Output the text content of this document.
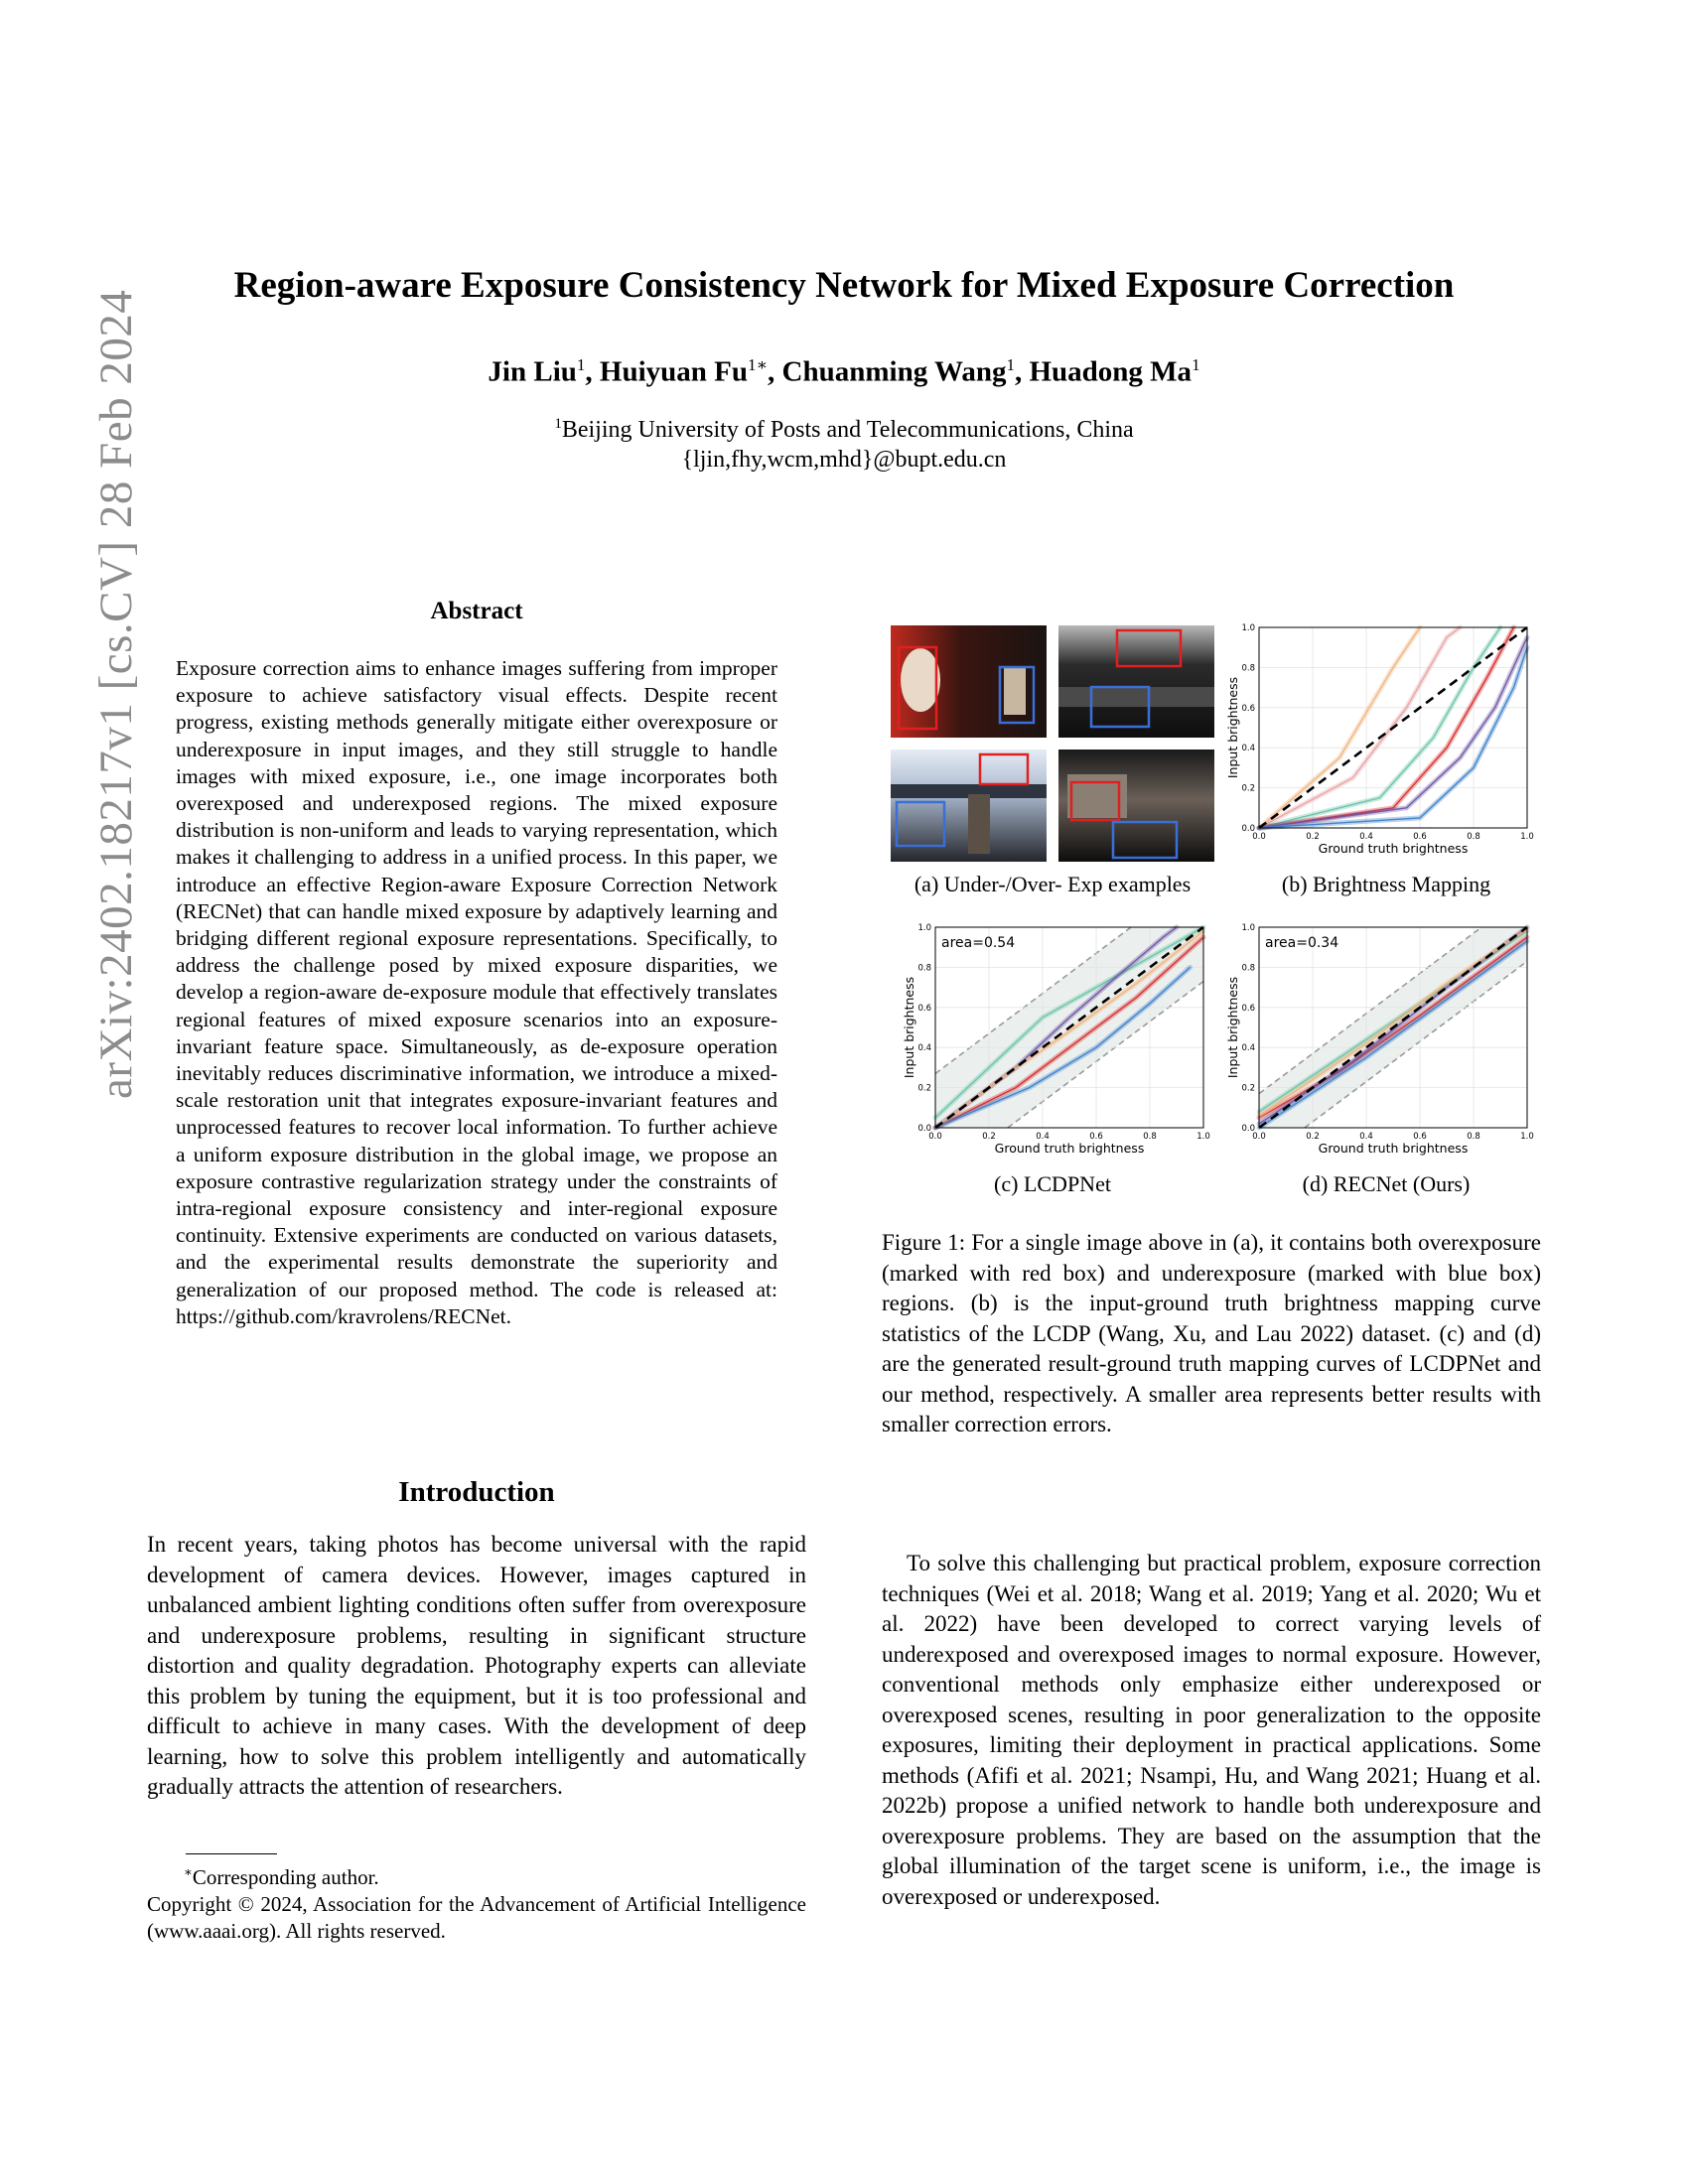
arXiv:2402.18217v1 [cs.CV] 28 Feb 2024
Region-aware Exposure Consistency Network for Mixed Exposure Correction
Jin Liu$^1$, Huiyuan $Fu^{1∗}$, Chuanming Wang$^1$, Huadong Ma$^1$
$^1$Beijing University of Posts and Telecommunications, China
{ljin,fhy,wcm,mhd}@bupt.edu.cn
Abstract

Exposure correction aims to enhance images suffering from improper exposure to achieve satisfactory visual effects. Despite recent progress, existing methods generally mitigate either overexposure or underexposure in input images, and they still struggle to handle images with mixed exposure, i.e., one image incorporates both overexposed and underexposed regions. The mixed exposure distribution is non-uniform and leads to varying representation, which makes it challenging to address in a unified process. In this paper, we introduce an effective Region-aware Exposure Correction Network (RECNet) that can handle mixed exposure by adaptively learning and bridging different regional exposure representations. Specifically, to address the challenge posed by mixed exposure disparities, we develop a region-aware de-exposure module that effectively translates regional features of mixed exposure scenarios into an exposure-invariant feature space. Simultaneously, as de-exposure operation inevitably reduces discriminative information, we introduce a mixed-scale restoration unit that integrates exposure-invariant features and unprocessed features to recover local information. To further achieve a uniform exposure distribution in the global image, we propose an exposure contrastive regularization strategy under the constraints of intra-regional exposure consistency and inter-regional exposure continuity. Extensive experiments are conducted on various datasets, and the experimental results demonstrate the superiority and generalization of our proposed method. The code is released at: https://github.com/kravrolens/RECNet.

Introduction

In recent years, taking photos has become universal with the rapid development of camera devices. However, images captured in unbalanced ambient lighting conditions often suffer from overexposure and underexposure problems, resulting in significant structure distortion and quality degradation. Photography experts can alleviate this problem by tuning the equipment, but it is too professional and difficult to achieve in many cases. With the development of deep learning, how to solve this problem intelligently and automatically gradually attracts the attention of researchers.

∗Corresponding author.

Copyright © 2024, Association for the Advancement of Artificial Intelligence (www.aaai.org). All rights reserved.

(a) Under-/Over- Exp examples
0.0
0.0
0.2
0.2
0.4
0.4
0.6
0.6
0.8
0.8
1.0
1.0
Ground truth brightness
Input brightness
(b) Brightness Mapping
0.0
0.0
0.2
0.2
0.4
0.4
0.6
0.6
0.8
0.8
1.0
1.0
Ground truth brightness
Input brightness
area=0.54
(c) LCDPNet
0.0
0.0
0.2
0.2
0.4
0.4
0.6
0.6
0.8
0.8
1.0
1.0
Ground truth brightness
Input brightness
area=0.34
(d) RECNet (Ours)
Figure 1: For a single image above in (a), it contains both overexposure (marked with red box) and underexposure (marked with blue box) regions. (b) is the input-ground truth brightness mapping curve statistics of the LCDP (Wang, Xu, and Lau 2022) dataset. (c) and (d) are the generated result-ground truth mapping curves of LCDPNet and our method, respectively. A smaller area represents better results with smaller correction errors.

To solve this challenging but practical problem, exposure correction techniques (Wei et al. 2018; Wang et al. 2019; Yang et al. 2020; Wu et al. 2022) have been developed to correct varying levels of underexposed and overexposed images to normal exposure. However, conventional methods only emphasize either underexposed or overexposed scenes, resulting in poor generalization to the opposite exposures, limiting their deployment in practical applications. Some methods (Afifi et al. 2021; Nsampi, Hu, and Wang 2021; Huang et al. 2022b) propose a unified network to handle both underexposure and overexposure problems. They are based on the assumption that the global illumination of the target scene is uniform, i.e., the image is overexposed or underexposed.
